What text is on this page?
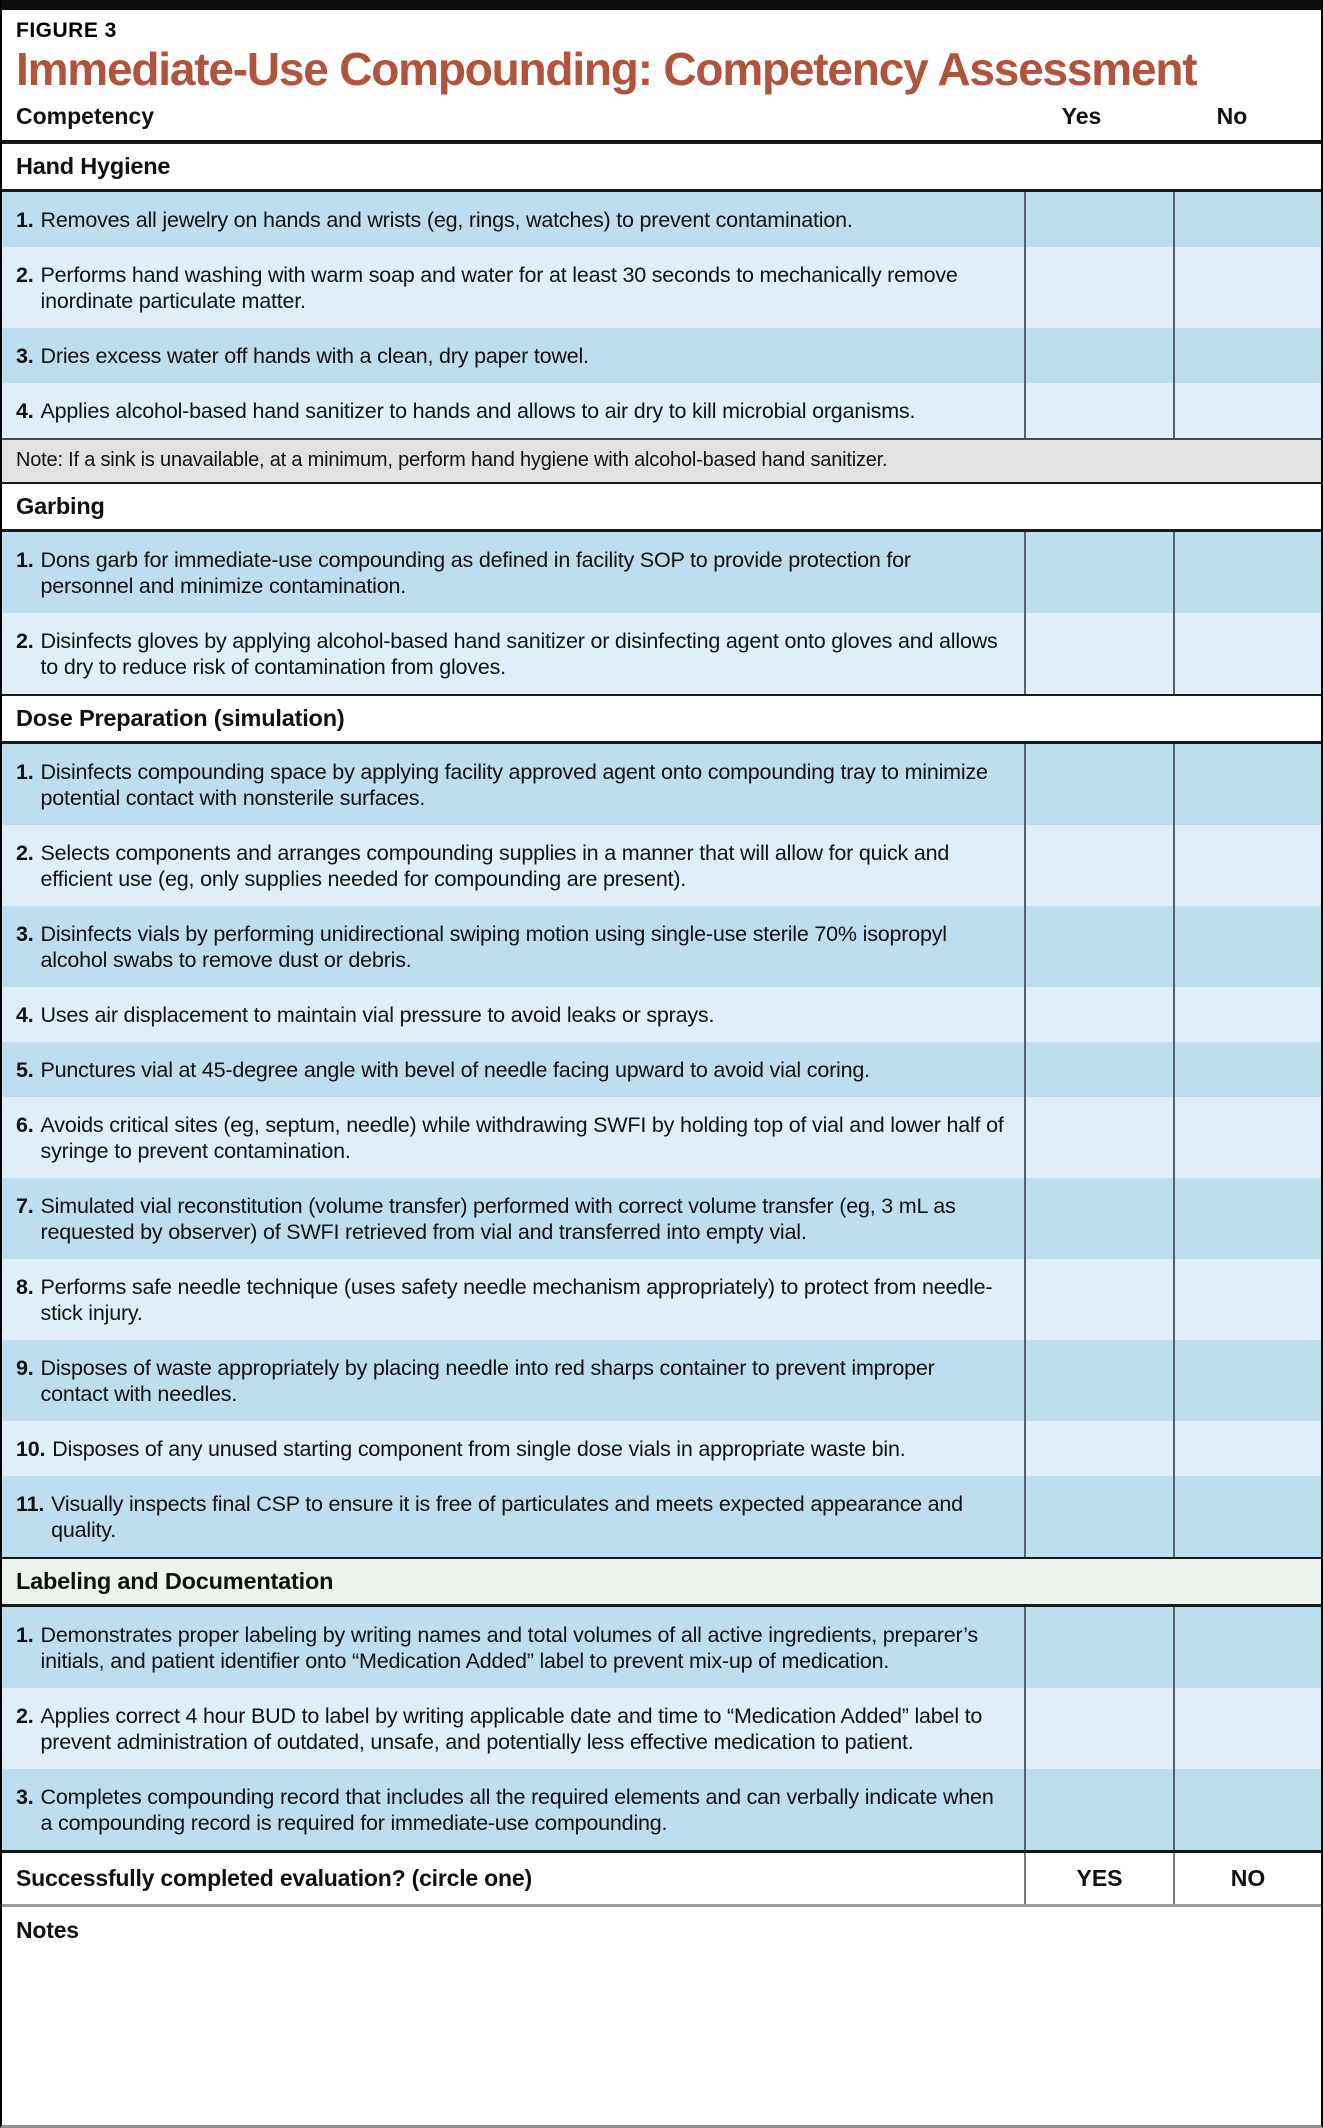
FIGURE 3
Immediate-Use Compounding: Competency Assessment
Competency	Yes	No
Hand Hygiene
1. Removes all jewelry on hands and wrists (eg, rings, watches) to prevent contamination.
2. Performs hand washing with warm soap and water for at least 30 seconds to mechanically remove inordinate particulate matter.
3. Dries excess water off hands with a clean, dry paper towel.
4. Applies alcohol-based hand sanitizer to hands and allows to air dry to kill microbial organisms.
Note: If a sink is unavailable, at a minimum, perform hand hygiene with alcohol-based hand sanitizer.
Garbing
1. Dons garb for immediate-use compounding as defined in facility SOP to provide protection for personnel and minimize contamination.
2. Disinfects gloves by applying alcohol-based hand sanitizer or disinfecting agent onto gloves and allows to dry to reduce risk of contamination from gloves.
Dose Preparation (simulation)
1. Disinfects compounding space by applying facility approved agent onto compounding tray to minimize potential contact with nonsterile surfaces.
2. Selects components and arranges compounding supplies in a manner that will allow for quick and efficient use (eg, only supplies needed for compounding are present).
3. Disinfects vials by performing unidirectional swiping motion using single-use sterile 70% isopropyl alcohol swabs to remove dust or debris.
4. Uses air displacement to maintain vial pressure to avoid leaks or sprays.
5. Punctures vial at 45-degree angle with bevel of needle facing upward to avoid vial coring.
6. Avoids critical sites (eg, septum, needle) while withdrawing SWFI by holding top of vial and lower half of syringe to prevent contamination.
7. Simulated vial reconstitution (volume transfer) performed with correct volume transfer (eg, 3 mL as requested by observer) of SWFI retrieved from vial and transferred into empty vial.
8. Performs safe needle technique (uses safety needle mechanism appropriately) to protect from needle-stick injury.
9. Disposes of waste appropriately by placing needle into red sharps container to prevent improper contact with needles.
10. Disposes of any unused starting component from single dose vials in appropriate waste bin.
11. Visually inspects final CSP to ensure it is free of particulates and meets expected appearance and quality.
Labeling and Documentation
1. Demonstrates proper labeling by writing names and total volumes of all active ingredients, preparer’s initials, and patient identifier onto “Medication Added” label to prevent mix-up of medication.
2. Applies correct 4 hour BUD to label by writing applicable date and time to “Medication Added” label to prevent administration of outdated, unsafe, and potentially less effective medication to patient.
3. Completes compounding record that includes all the required elements and can verbally indicate when a compounding record is required for immediate-use compounding.
Successfully completed evaluation? (circle one)	YES	NO
Notes
